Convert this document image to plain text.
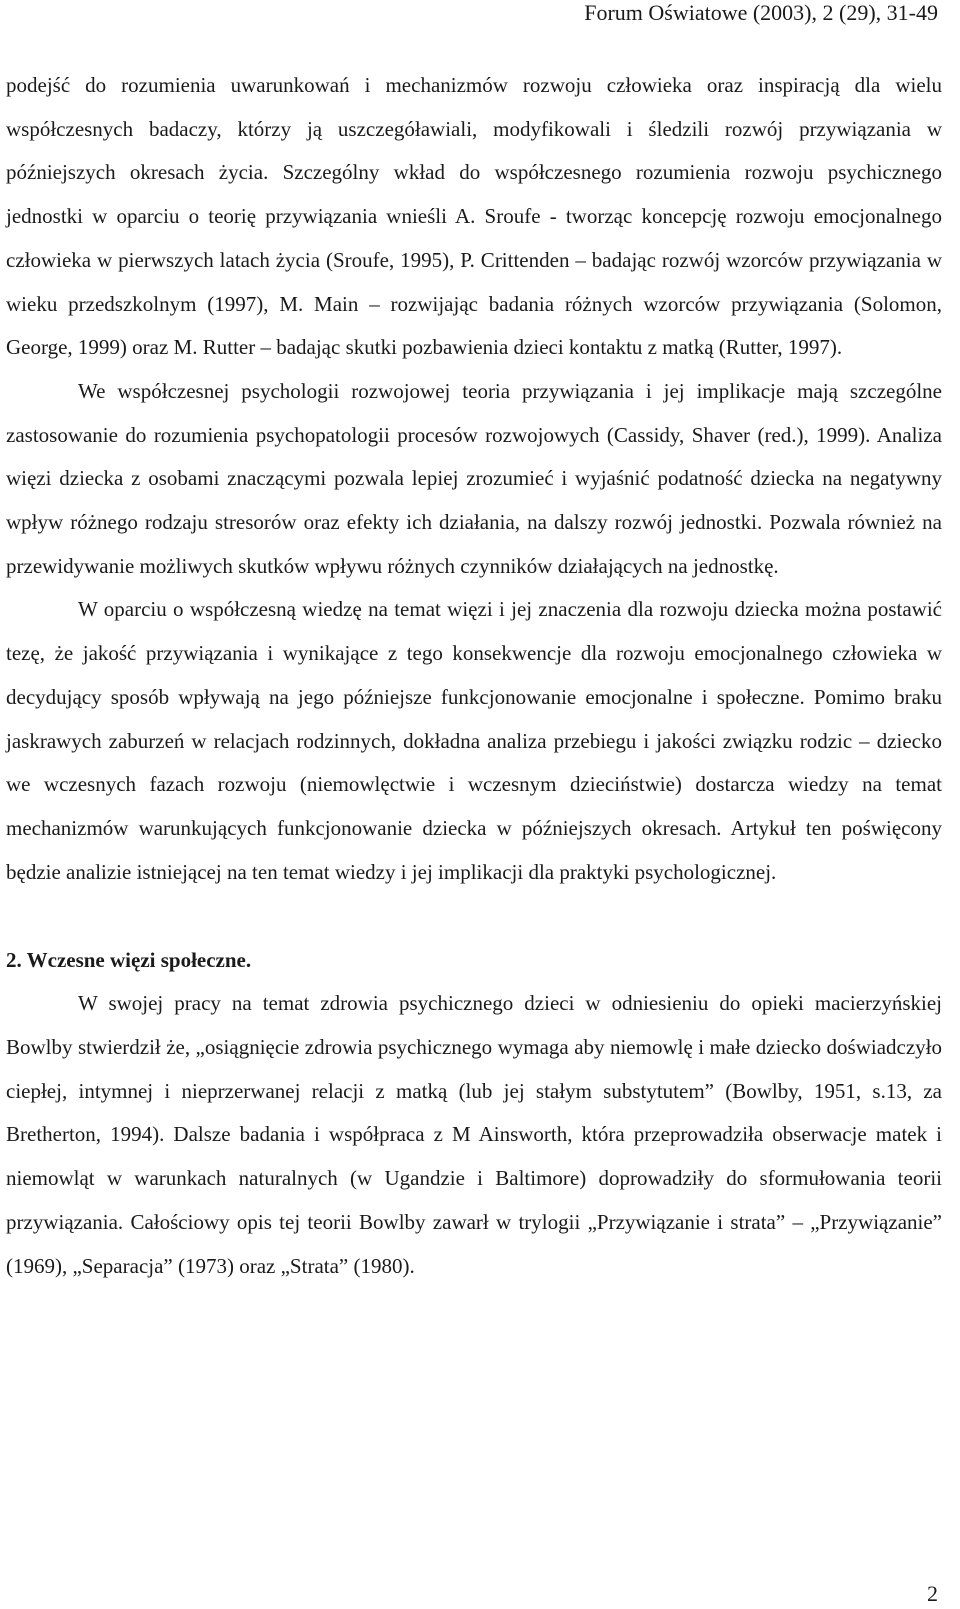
Forum Oświatowe (2003), 2 (29), 31-49

podejść do rozumienia uwarunkowań i mechanizmów rozwoju człowieka oraz inspiracją dla wielu współczesnych badaczy, którzy ją uszczegóławiali, modyfikowali i śledzili rozwój przywiązania w późniejszych okresach życia. Szczególny wkład do współczesnego rozumienia rozwoju psychicznego jednostki w oparciu o teorię przywiązania wnieśli A. Sroufe - tworząc koncepcję rozwoju emocjonalnego człowieka w pierwszych latach życia (Sroufe, 1995), P. Crittenden – badając rozwój wzorców przywiązania w wieku przedszkolnym (1997), M. Main – rozwijając badania różnych wzorców przywiązania (Solomon, George, 1999) oraz M. Rutter – badając skutki pozbawienia dzieci kontaktu z matką (Rutter, 1997).

We współczesnej psychologii rozwojowej teoria przywiązania i jej implikacje mają szczególne zastosowanie do rozumienia psychopatologii procesów rozwojowych (Cassidy, Shaver (red.), 1999). Analiza więzi dziecka z osobami znaczącymi pozwala lepiej zrozumieć i wyjaśnić podatność dziecka na negatywny wpływ różnego rodzaju stresorów oraz efekty ich działania, na dalszy rozwój jednostki. Pozwala również na przewidywanie możliwych skutków wpływu różnych czynników działających na jednostkę.

W oparciu o współczesną wiedzę na temat więzi i jej znaczenia dla rozwoju dziecka można postawić tezę, że jakość przywiązania i wynikające z tego konsekwencje dla rozwoju emocjonalnego człowieka w decydujący sposób wpływają na jego późniejsze funkcjonowanie emocjonalne i społeczne. Pomimo braku jaskrawych zaburzeń w relacjach rodzinnych, dokładna analiza przebiegu i jakości związku rodzic – dziecko we wczesnych fazach rozwoju (niemowlęctwie i wczesnym dzieciństwie) dostarcza wiedzy na temat mechanizmów warunkujących funkcjonowanie dziecka w późniejszych okresach. Artykuł ten poświęcony będzie analizie istniejącej na ten temat wiedzy i jej implikacji dla praktyki psychologicznej.

2. Wczesne więzi społeczne.

W swojej pracy na temat zdrowia psychicznego dzieci w odniesieniu do opieki macierzyńskiej Bowlby stwierdził że, „osiągnięcie zdrowia psychicznego wymaga aby niemowlę i małe dziecko doświadczyło ciepłej, intymnej i nieprzerwanej relacji z matką (lub jej stałym substytutem” (Bowlby, 1951, s.13, za Bretherton, 1994). Dalsze badania i współpraca z M Ainsworth, która przeprowadziła obserwacje matek i niemowląt w warunkach naturalnych (w Ugandzie i Baltimore) doprowadziły do sformułowania teorii przywiązania. Całościowy opis tej teorii Bowlby zawarł w trylogii „Przywiązanie i strata” – „Przywiązanie” (1969), „Separacja” (1973) oraz „Strata” (1980).

2
